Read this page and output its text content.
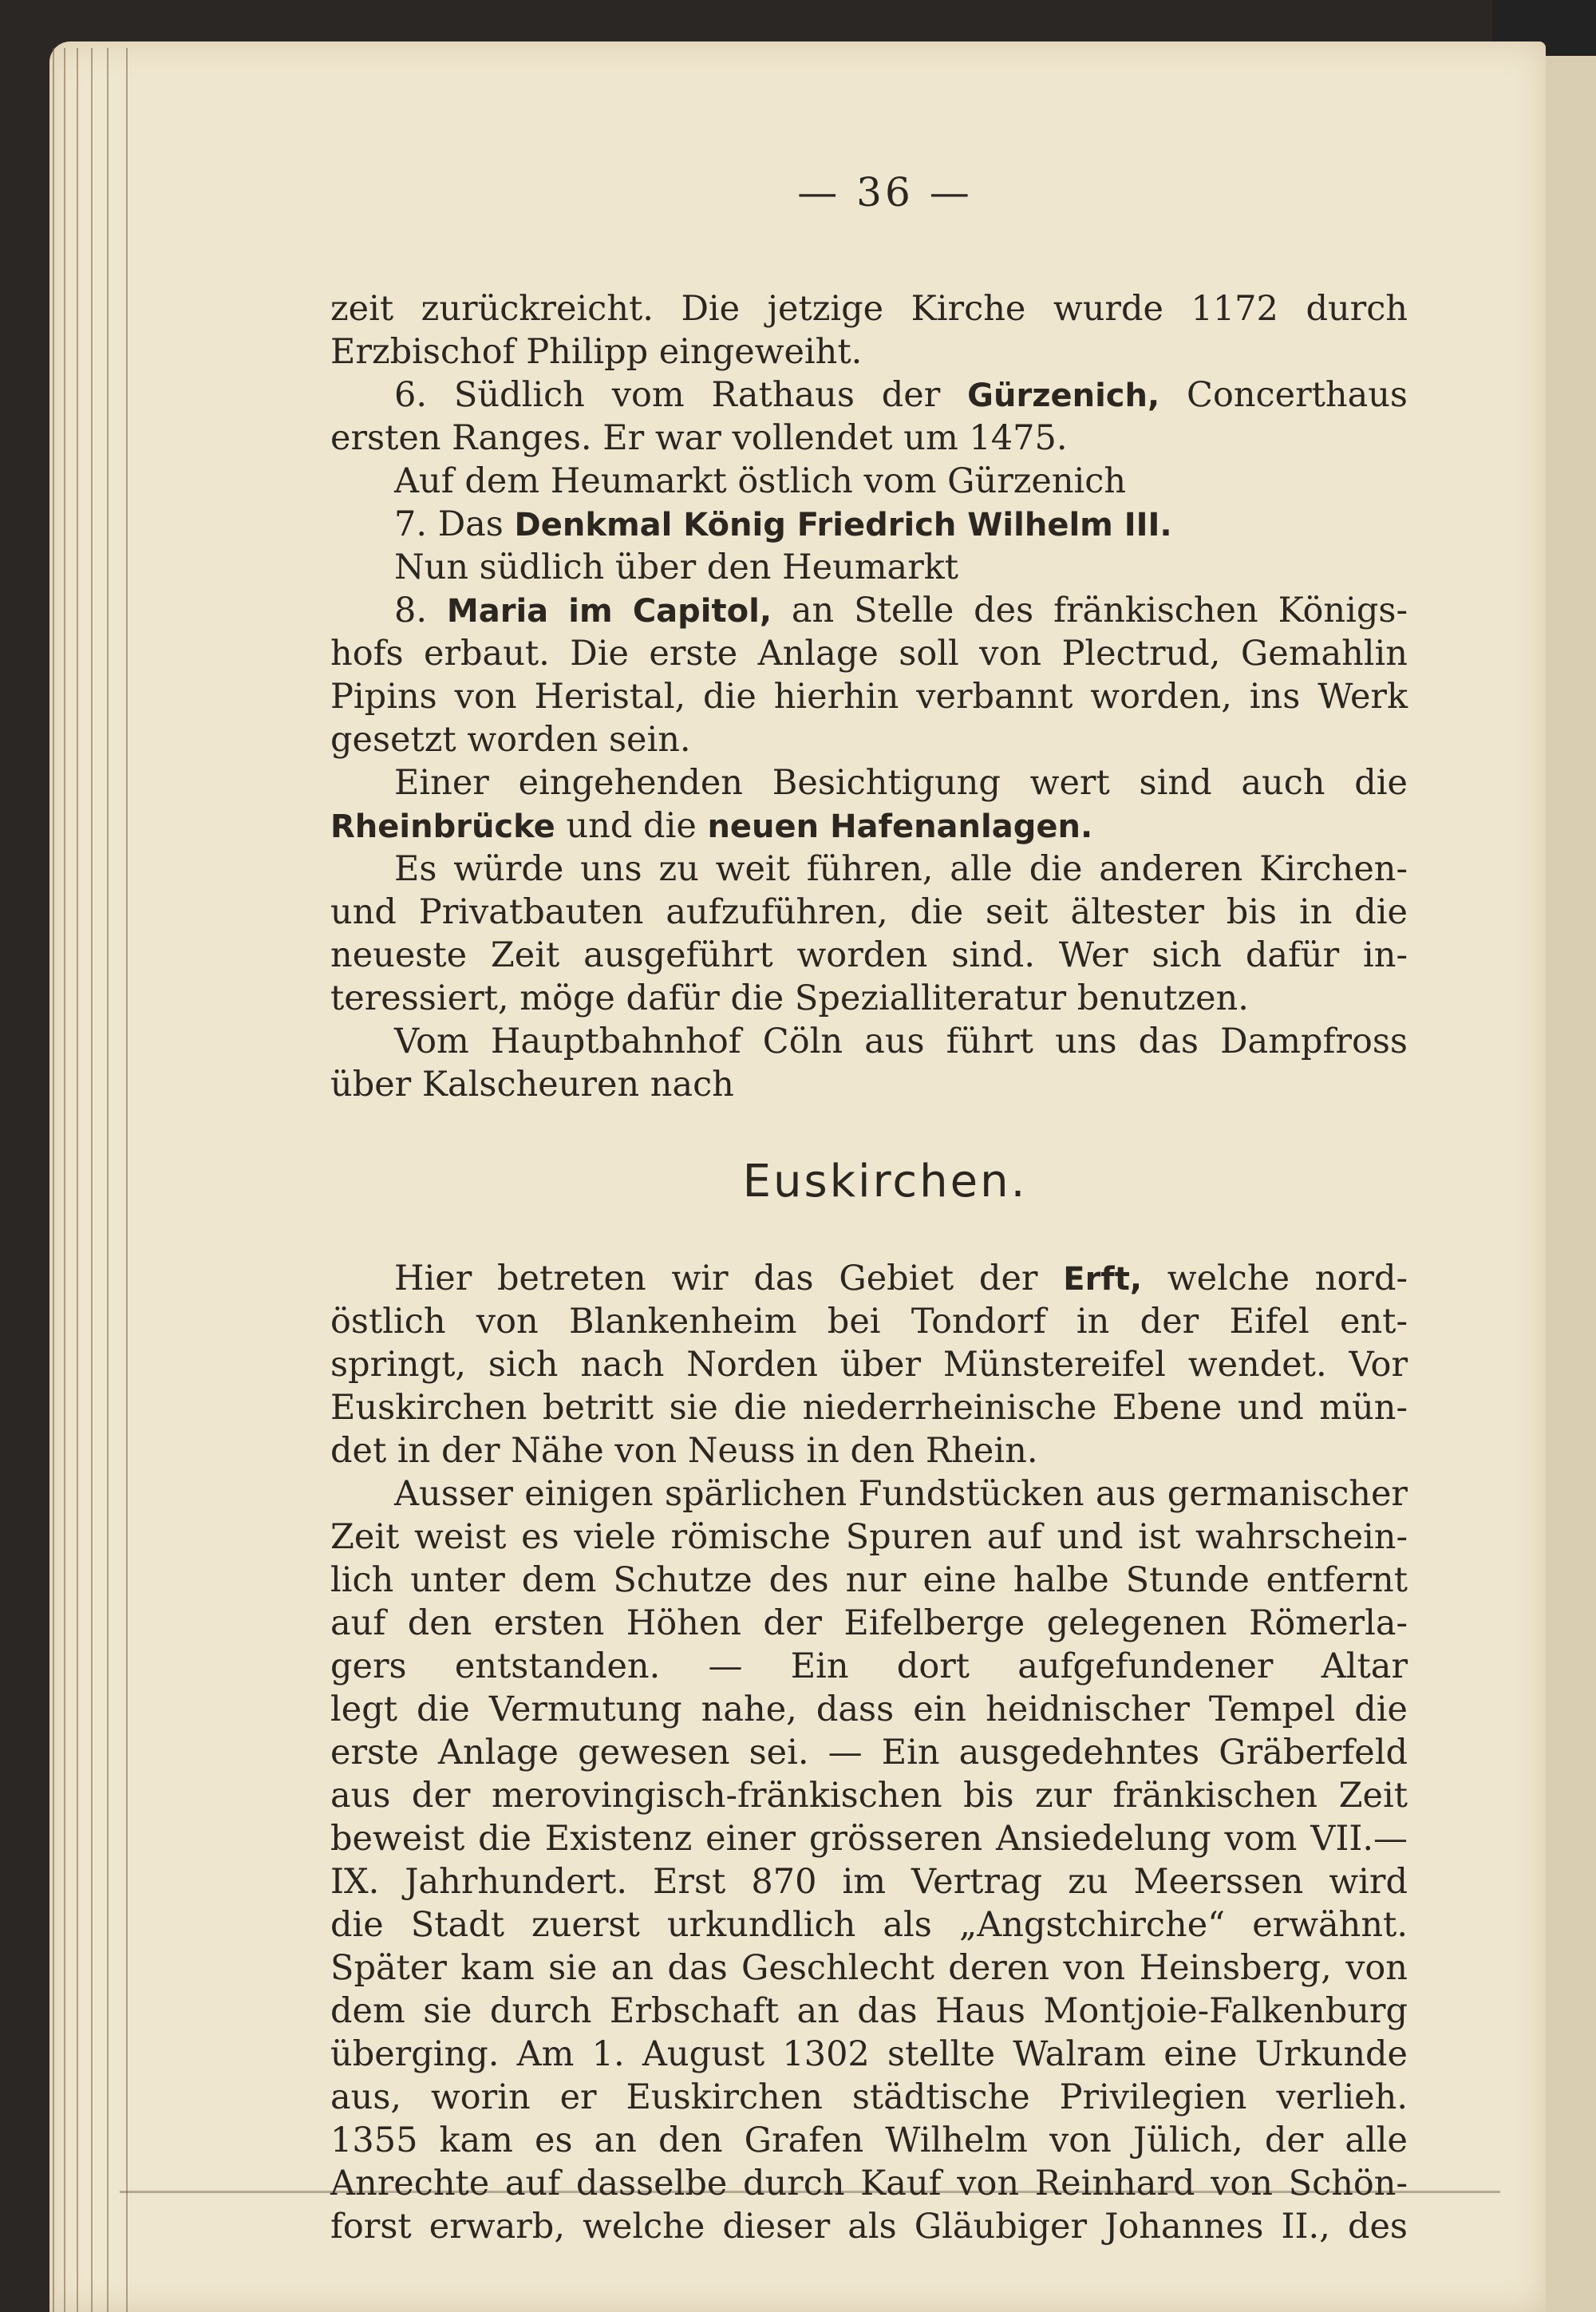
— 36 —
zeit zurückreicht. Die jetzige Kirche wurde 1172 durch
Erzbischof Philipp eingeweiht.
6. Südlich vom Rathaus der Gürzenich, Concerthaus
ersten Ranges. Er war vollendet um 1475.
Auf dem Heumarkt östlich vom Gürzenich
7. Das Denkmal König Friedrich Wilhelm III.
Nun südlich über den Heumarkt
8. Maria im Capitol, an Stelle des fränkischen Königs-
hofs erbaut. Die erste Anlage soll von Plectrud, Gemahlin
Pipins von Heristal, die hierhin verbannt worden, ins Werk
gesetzt worden sein.
Einer eingehenden Besichtigung wert sind auch die
Rheinbrücke und die neuen Hafenanlagen.
Es würde uns zu weit führen, alle die anderen Kirchen-
und Privatbauten aufzuführen, die seit ältester bis in die
neueste Zeit ausgeführt worden sind. Wer sich dafür in-
teressiert, möge dafür die Spezialliteratur benutzen.
Vom Hauptbahnhof Cöln aus führt uns das Dampfross
über Kalscheuren nach
Euskirchen.
Hier betreten wir das Gebiet der Erft, welche nord-
östlich von Blankenheim bei Tondorf in der Eifel ent-
springt, sich nach Norden über Münstereifel wendet. Vor
Euskirchen betritt sie die niederrheinische Ebene und mün-
det in der Nähe von Neuss in den Rhein.
Ausser einigen spärlichen Fundstücken aus germanischer
Zeit weist es viele römische Spuren auf und ist wahrschein-
lich unter dem Schutze des nur eine halbe Stunde entfernt
auf den ersten Höhen der Eifelberge gelegenen Römerla-
gers entstanden. — Ein dort aufgefundener Altar
legt die Vermutung nahe, dass ein heidnischer Tempel die
erste Anlage gewesen sei. — Ein ausgedehntes Gräberfeld
aus der merovingisch-fränkischen bis zur fränkischen Zeit
beweist die Existenz einer grösseren Ansiedelung vom VII.—
IX. Jahrhundert. Erst 870 im Vertrag zu Meerssen wird
die Stadt zuerst urkundlich als „Angstchirche“ erwähnt.
Später kam sie an das Geschlecht deren von Heinsberg, von
dem sie durch Erbschaft an das Haus Montjoie-Falkenburg
überging. Am 1. August 1302 stellte Walram eine Urkunde
aus, worin er Euskirchen städtische Privilegien verlieh.
1355 kam es an den Grafen Wilhelm von Jülich, der alle
Anrechte auf dasselbe durch Kauf von Reinhard von Schön-
forst erwarb, welche dieser als Gläubiger Johannes II., des
